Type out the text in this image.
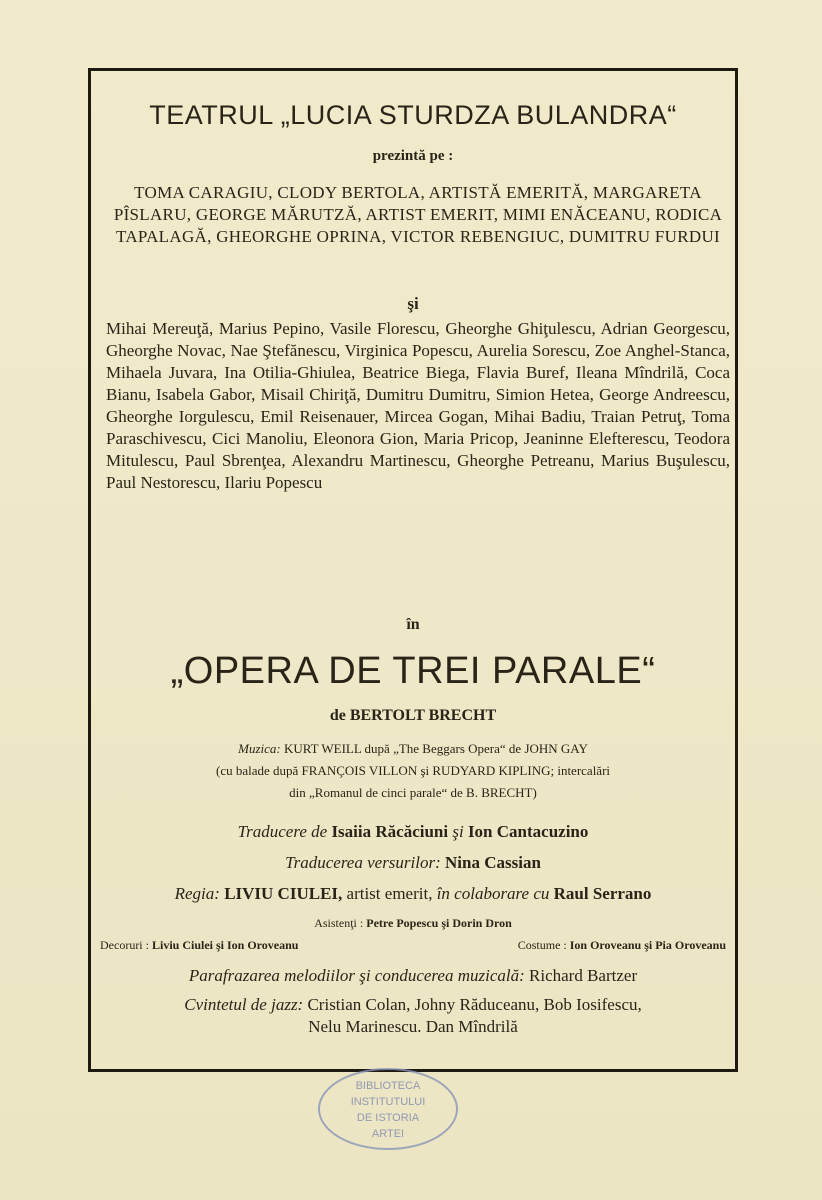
TEATRUL „LUCIA STURDZA BULANDRA“
prezintă pe :
TOMA CARAGIU, CLODY BERTOLA, ARTISTĂ EMERITĂ, MARGARETA PÎSLARU, GEORGE MĂRUTZĂ, ARTIST EMERIT, MIMI ENĂCEANU, RODICA TAPALAGĂ, GHEORGHE OPRINA, VICTOR REBENGIUC, DUMITRU FURDUI
şi
Mihai Mereuţă, Marius Pepino, Vasile Florescu, Gheorghe Ghiţulescu, Adrian Georgescu, Gheorghe Novac, Nae Ştefănescu, Virginica Popescu, Aurelia Sorescu, Zoe Anghel-Stanca, Mihaela Juvara, Ina Otilia-Ghiulea, Beatrice Biega, Flavia Buref, Ileana Mîndrilă, Coca Bianu, Isabela Gabor, Misail Chiriţă, Dumitru Dumitru, Simion Hetea, George Andreescu, Gheorghe Iorgulescu, Emil Reisenauer, Mircea Gogan, Mihai Badiu, Traian Petruţ, Toma Paraschivescu, Cici Manoliu, Eleonora Gion, Maria Pricop, Jeaninne Elefterescu, Teodora Mitulescu, Paul Sbrenţea, Alexandru Martinescu, Gheorghe Petreanu, Marius Buşulescu, Paul Nestorescu, Ilariu Popescu
în
„OPERA DE TREI PARALE“
de BERTOLT BRECHT
Muzica: KURT WEILL după „The Beggars Opera“ de JOHN GAY
(cu balade după FRANÇOIS VILLON şi RUDYARD KIPLING; intercalări
din „Romanul de cinci parale“ de B. BRECHT)
Traducere de Isaiia Răcăciuni şi Ion Cantacuzino
Traducerea versurilor: Nina Cassian
Regia: LIVIU CIULEI, artist emerit, în colaborare cu Raul Serrano
Asistenţi : Petre Popescu şi Dorin Dron
Decoruri : Liviu Ciulei şi Ion Oroveanu	Costume : Ion Oroveanu şi Pia Oroveanu
Parafrazarea melodiilor şi conducerea muzicală: Richard Bartzer
Cvintetul de jazz: Cristian Colan, Johny Răduceanu, Bob Iosifescu,
Nelu Marinescu. Dan Mîndrilă
BIBLIOTECA
INSTITUTULUI
DE ISTORIA
ARTEI
